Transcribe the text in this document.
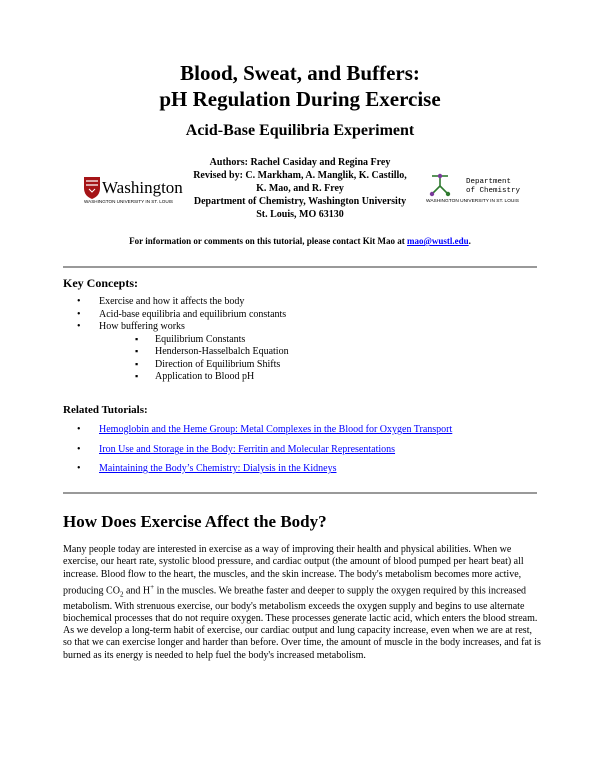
Blood, Sweat, and Buffers:
pH Regulation During Exercise
Acid-Base Equilibria Experiment
Washington
WASHINGTON UNIVERSITY IN ST. LOUIS
Authors: Rachel Casiday and Regina Frey
Revised by: C. Markham, A. Manglik, K. Castillo,
K. Mao, and R. Frey
Department of Chemistry, Washington University
St. Louis, MO 63130
Department
of Chemistry
WASHINGTON UNIVERSITY IN ST. LOUIS
For information or comments on this tutorial, please contact Kit Mao at mao@wustl.edu.
Key Concepts:
• Exercise and how it affects the body
• Acid-base equilibria and equilibrium constants
• How buffering works
▪ Equilibrium Constants
▪ Henderson-Hasselbalch Equation
▪ Direction of Equilibrium Shifts
▪ Application to Blood pH
Related Tutorials:
• Hemoglobin and the Heme Group: Metal Complexes in the Blood for Oxygen Transport
• Iron Use and Storage in the Body: Ferritin and Molecular Representations
• Maintaining the Body’s Chemistry: Dialysis in the Kidneys
How Does Exercise Affect the Body?

Many people today are interested in exercise as a way of improving their health and physical abilities. When we exercise, our heart rate, systolic blood pressure, and cardiac output (the amount of blood pumped per heart beat) all increase. Blood flow to the heart, the muscles, and the skin increase. The body's metabolism becomes more active, producing $CO_2$ and H+ in the muscles. We breathe faster and deeper to supply the oxygen required by this increased metabolism. With strenuous exercise, our body's metabolism exceeds the oxygen supply and begins to use alternate biochemical processes that do not require oxygen. These processes generate lactic acid, which enters the blood stream. As we develop a long-term habit of exercise, our cardiac output and lung capacity increase, even when we are at rest, so that we can exercise longer and harder than before. Over time, the amount of muscle in the body increases, and fat is burned as its energy is needed to help fuel the body's increased metabolism.
